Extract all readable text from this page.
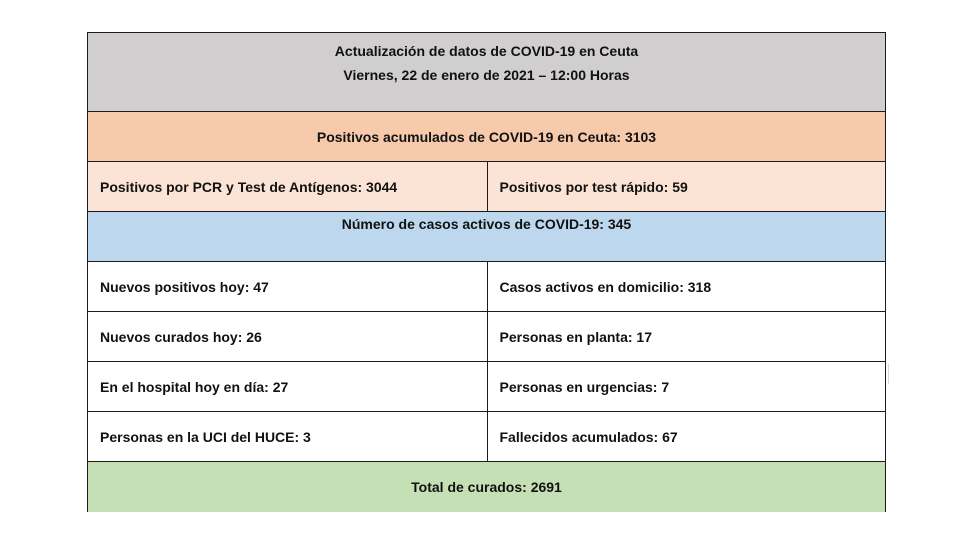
Actualización de datos de COVID-19 en Ceuta
Viernes, 22 de enero de 2021 – 12:00 Horas
Positivos acumulados de COVID-19 en Ceuta: 3103
Positivos por PCR y Test de Antígenos: 3044	Positivos por test rápido: 59
Número de casos activos de COVID-19: 345
Nuevos positivos hoy: 47	Casos activos en domicilio: 318
Nuevos curados hoy: 26	Personas en planta: 17
En el hospital hoy en día: 27	Personas en urgencias: 7
Personas en la UCI del HUCE: 3	Fallecidos acumulados: 67
Total de curados: 2691
